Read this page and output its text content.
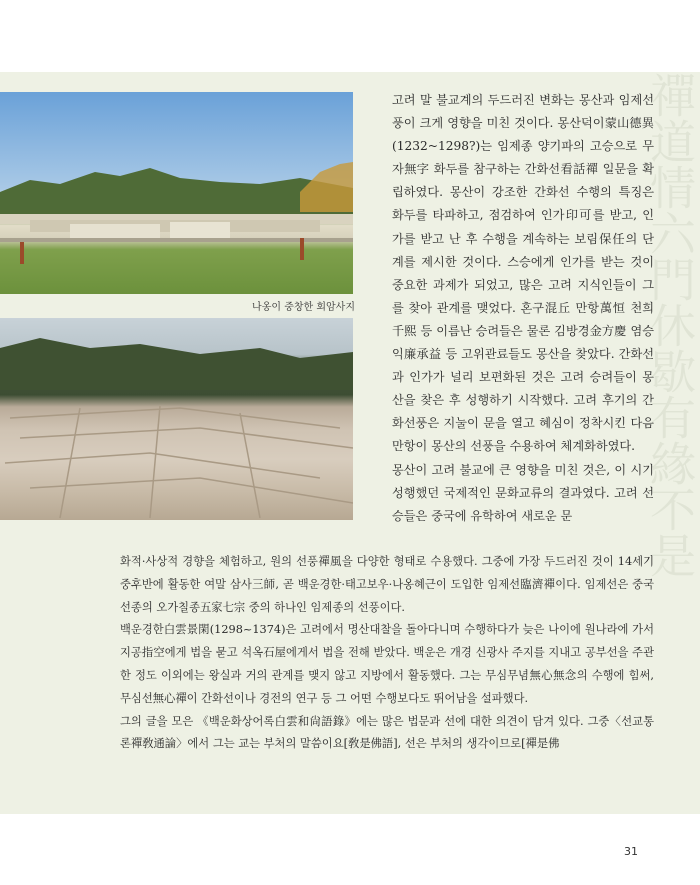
禪道情六門休歇有緣不是
나옹이 중창한 회암사지

고려 말 불교계의 두드러진 변화는 몽산과 임제선풍이 크게 영향을 미친 것이다. 몽산덕이蒙山德異(1232~1298?)는 임제종 양기파의 고승으로 무자無字 화두를 참구하는 간화선看話禪 일문을 확립하였다. 몽산이 강조한 간화선 수행의 특징은 화두를 타파하고, 점검하여 인가印可를 받고, 인가를 받고 난 후 수행을 계속하는 보림保任의 단계를 제시한 것이다. 스승에게 인가를 받는 것이 중요한 과제가 되었고, 많은 고려 지식인들이 그를 찾아 관계를 맺었다. 혼구混丘 만항萬恒 천희千熙 등 이름난 승려들은 물론 김방경金方慶 염승익廉承益 등 고위관료들도 몽산을 찾았다. 간화선과 인가가 널리 보편화된 것은 고려 승려들이 몽산을 찾은 후 성행하기 시작했다. 고려 후기의 간화선풍은 지눌이 문을 열고 혜심이 정착시킨 다음 만항이 몽산의 선풍을 수용하여 체계화하였다.

몽산이 고려 불교에 큰 영향을 미친 것은, 이 시기 성행했던 국제적인 문화교류의 결과였다. 고려 선승들은 중국에 유학하여 새로운 문

화적·사상적 경향을 체험하고, 원의 선풍禪風을 다양한 형태로 수용했다. 그중에 가장 두드러진 것이 14세기 중후반에 활동한 여말 삼사三師, 곧 백운경한·태고보우·나옹혜근이 도입한 임제선臨濟禪이다. 임제선은 중국 선종의 오가칠종五家七宗 중의 하나인 임제종의 선풍이다.

백운경한白雲景閑(1298~1374)은 고려에서 명산대찰을 돌아다니며 수행하다가 늦은 나이에 원나라에 가서 지공指空에게 법을 묻고 석옥石屋에게서 법을 전해 받았다. 백운은 개경 신광사 주지를 지내고 공부선을 주관한 정도 이외에는 왕실과 거의 관계를 맺지 않고 지방에서 활동했다. 그는 무심무념無心無念의 수행에 힘써, 무심선無心禪이 간화선이나 경전의 연구 등 그 어떤 수행보다도 뛰어남을 설파했다.

그의 글을 모은 《백운화상어록白雲和尙語錄》에는 많은 법문과 선에 대한 의견이 담겨 있다. 그중〈선교통론禪敎通論〉에서 그는 교는 부처의 말씀이요[敎是佛語], 선은 부처의 생각이므로[禪是佛

31
